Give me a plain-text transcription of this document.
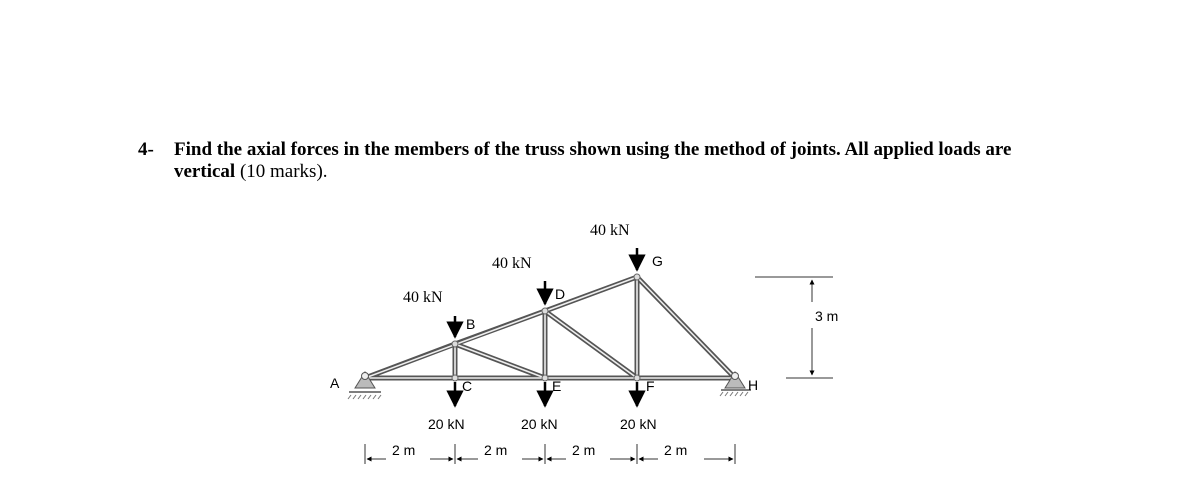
4- Find the axial forces in the members of the truss shown using the method of joints. All applied loads are vertical (10 marks).
A
B
C
D
E	F
G
H
40 kN
40 kN
40 kN
20 kN	20 kN	20 kN
2 m	2 m	2 m	2 m
3 m
